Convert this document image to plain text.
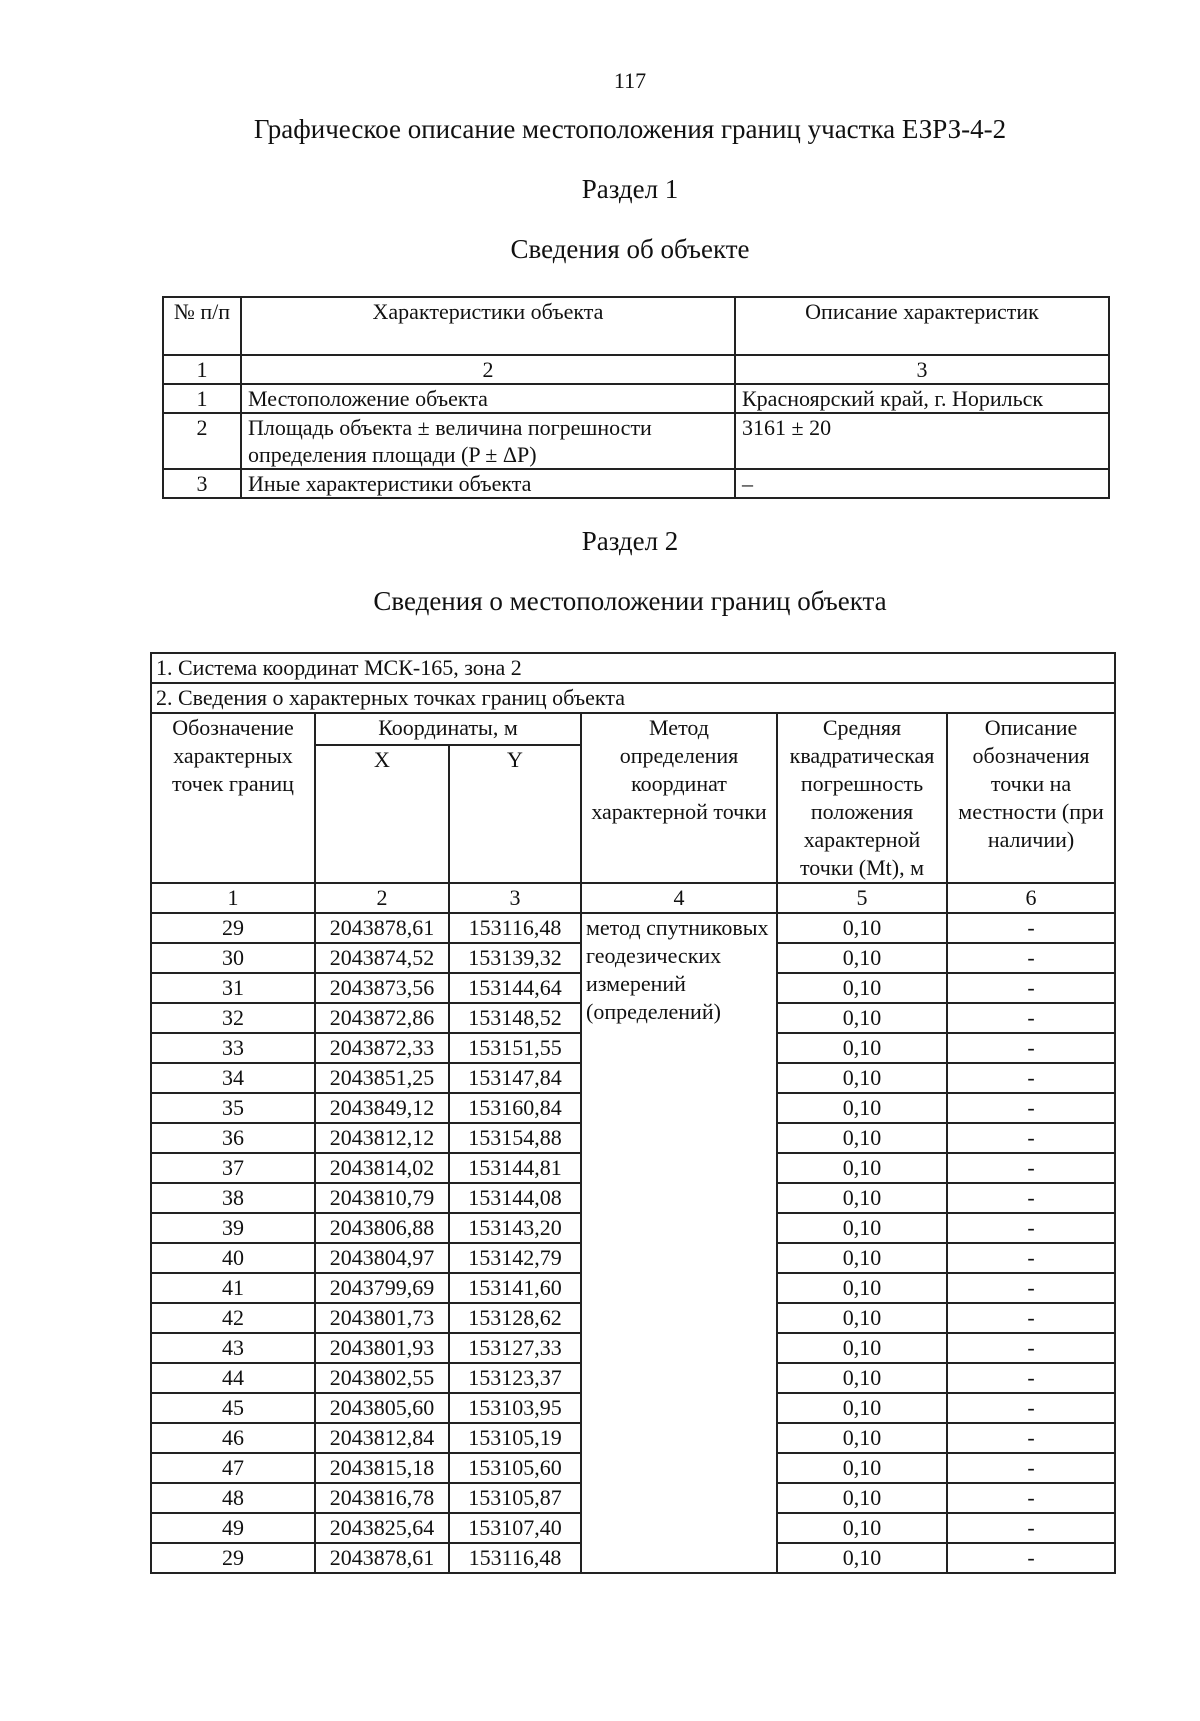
117
Графическое описание местоположения границ участка ЕЗРЗ-4-2
Раздел 1
Сведения об объекте
№ п/п	Характеристики объекта	Описание характеристик
1	2	3
1	Местоположение объекта	Красноярский край, г. Норильск
2	Площадь объекта ± величина погрешности определения площади (P ± ΔP)	3161 ± 20
3	Иные характеристики объекта	–
Раздел 2
Сведения о местоположении границ объекта
1. Система координат МСК-165, зона 2					
2. Сведения о характерных точках границ объекта					
Обозначение характерных точек границ	Координаты, м		Метод определения координат характерной точки	Средняя квадратическая погрешность положения характерной точки (Mt), м	Описание обозначения точки на местности (при наличии)
	X	Y			
1	2	3	4	5	6
29	2043878,61	153116,48	метод спутниковых геодезических измерений (определений)	0,10	-
30	2043874,52	153139,32		0,10	-
31	2043873,56	153144,64		0,10	-
32	2043872,86	153148,52		0,10	-
33	2043872,33	153151,55		0,10	-
34	2043851,25	153147,84		0,10	-
35	2043849,12	153160,84		0,10	-
36	2043812,12	153154,88		0,10	-
37	2043814,02	153144,81		0,10	-
38	2043810,79	153144,08		0,10	-
39	2043806,88	153143,20		0,10	-
40	2043804,97	153142,79		0,10	-
41	2043799,69	153141,60		0,10	-
42	2043801,73	153128,62		0,10	-
43	2043801,93	153127,33		0,10	-
44	2043802,55	153123,37		0,10	-
45	2043805,60	153103,95		0,10	-
46	2043812,84	153105,19		0,10	-
47	2043815,18	153105,60		0,10	-
48	2043816,78	153105,87		0,10	-
49	2043825,64	153107,40		0,10	-
29	2043878,61	153116,48		0,10	-
